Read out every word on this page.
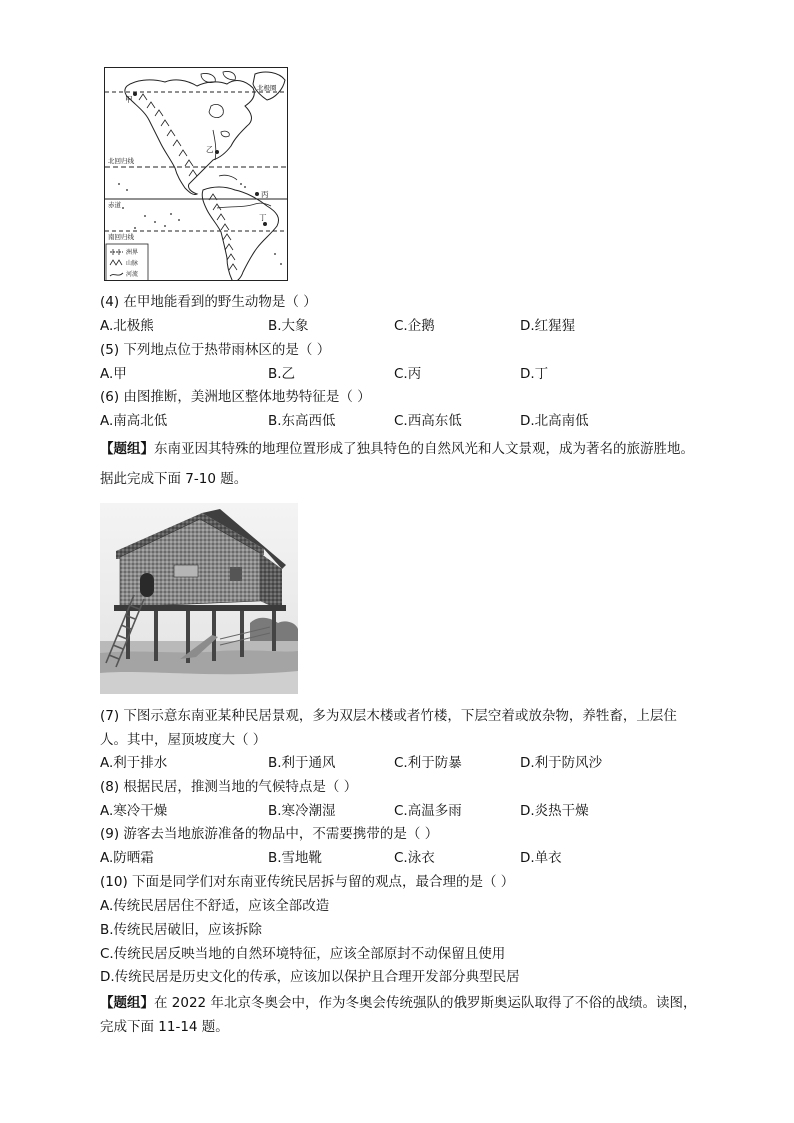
北极圈
北回归线
赤道
南回归线
甲
乙
丙
丁
洲界
山脉
河流
(4) 在甲地能看到的野生动物是（ ）
A.北极熊	B.大象	C.企鹅	D.红猩猩
(5) 下列地点位于热带雨林区的是（ ）
A.甲	B.乙	C.丙	D.丁
(6) 由图推断，美洲地区整体地势特征是（ ）
A.南高北低	B.东高西低	C.西高东低	D.北高南低
【题组】东南亚因其特殊的地理位置形成了独具特色的自然风光和人文景观，成为著名的旅游胜地。据此完成下面 7-10 题。
(7) 下图示意东南亚某种民居景观，多为双层木楼或者竹楼，下层空着或放杂物，养牲畜，上层住人。其中，屋顶坡度大（ ）
A.利于排水	B.利于通风	C.利于防暴	D.利于防风沙
(8) 根据民居，推测当地的气候特点是（ ）
A.寒冷干燥	B.寒冷潮湿	C.高温多雨	D.炎热干燥
(9) 游客去当地旅游准备的物品中，不需要携带的是（ ）
A.防晒霜	B.雪地靴	C.泳衣	D.单衣
(10) 下面是同学们对东南亚传统民居拆与留的观点，最合理的是（ ）
A.传统民居居住不舒适，应该全部改造
B.传统民居破旧，应该拆除
C.传统民居反映当地的自然环境特征，应该全部原封不动保留且使用
D.传统民居是历史文化的传承，应该加以保护且合理开发部分典型民居
【题组】在 2022 年北京冬奥会中，作为冬奥会传统强队的俄罗斯奥运队取得了不俗的战绩。读图，完成下面 11-14 题。
